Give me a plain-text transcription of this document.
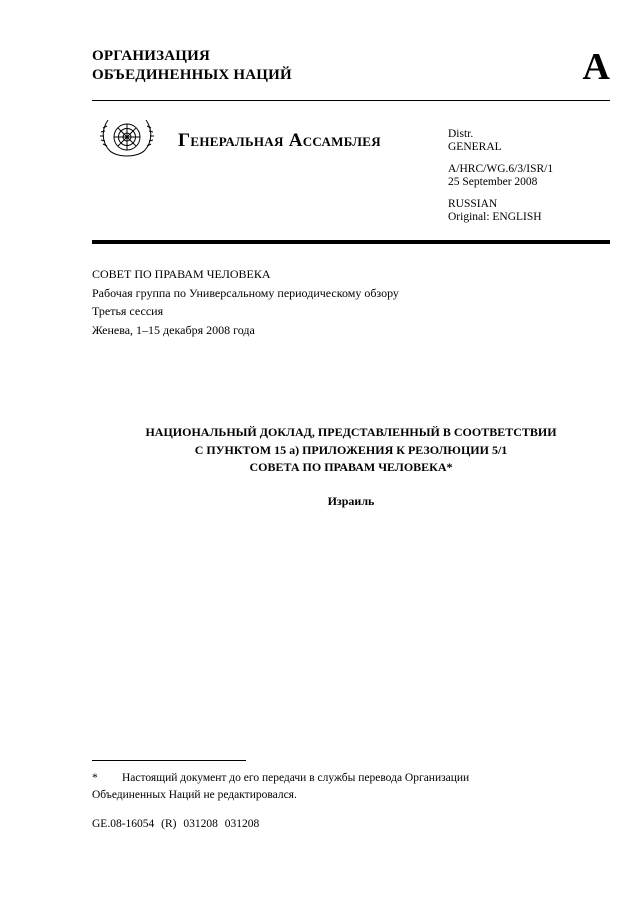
ОРГАНИЗАЦИЯ
ОБЪЕДИНЕННЫХ НАЦИЙ	A
Генеральная Ассамблея	Distr.
GENERAL
A/HRC/WG.6/3/ISR/1
25 September 2008
RUSSIAN
Original: ENGLISH
СОВЕТ ПО ПРАВАМ ЧЕЛОВЕКА
Рабочая группа по Универсальному периодическому обзору
Третья сессия
Женева, 1–15 декабря 2008 года
НАЦИОНАЛЬНЫЙ ДОКЛАД, ПРЕДСТАВЛЕННЫЙ В СООТВЕТСТВИИ
С ПУНКТОМ 15 а) ПРИЛОЖЕНИЯ К РЕЗОЛЮЦИИ 5/1
СОВЕТА ПО ПРАВАМ ЧЕЛОВЕКА*
Израиль
* Настоящий документ до его передачи в службы перевода Организации
Объединенных Наций не редактировался.
GE.08-16054 (R) 031208 031208
